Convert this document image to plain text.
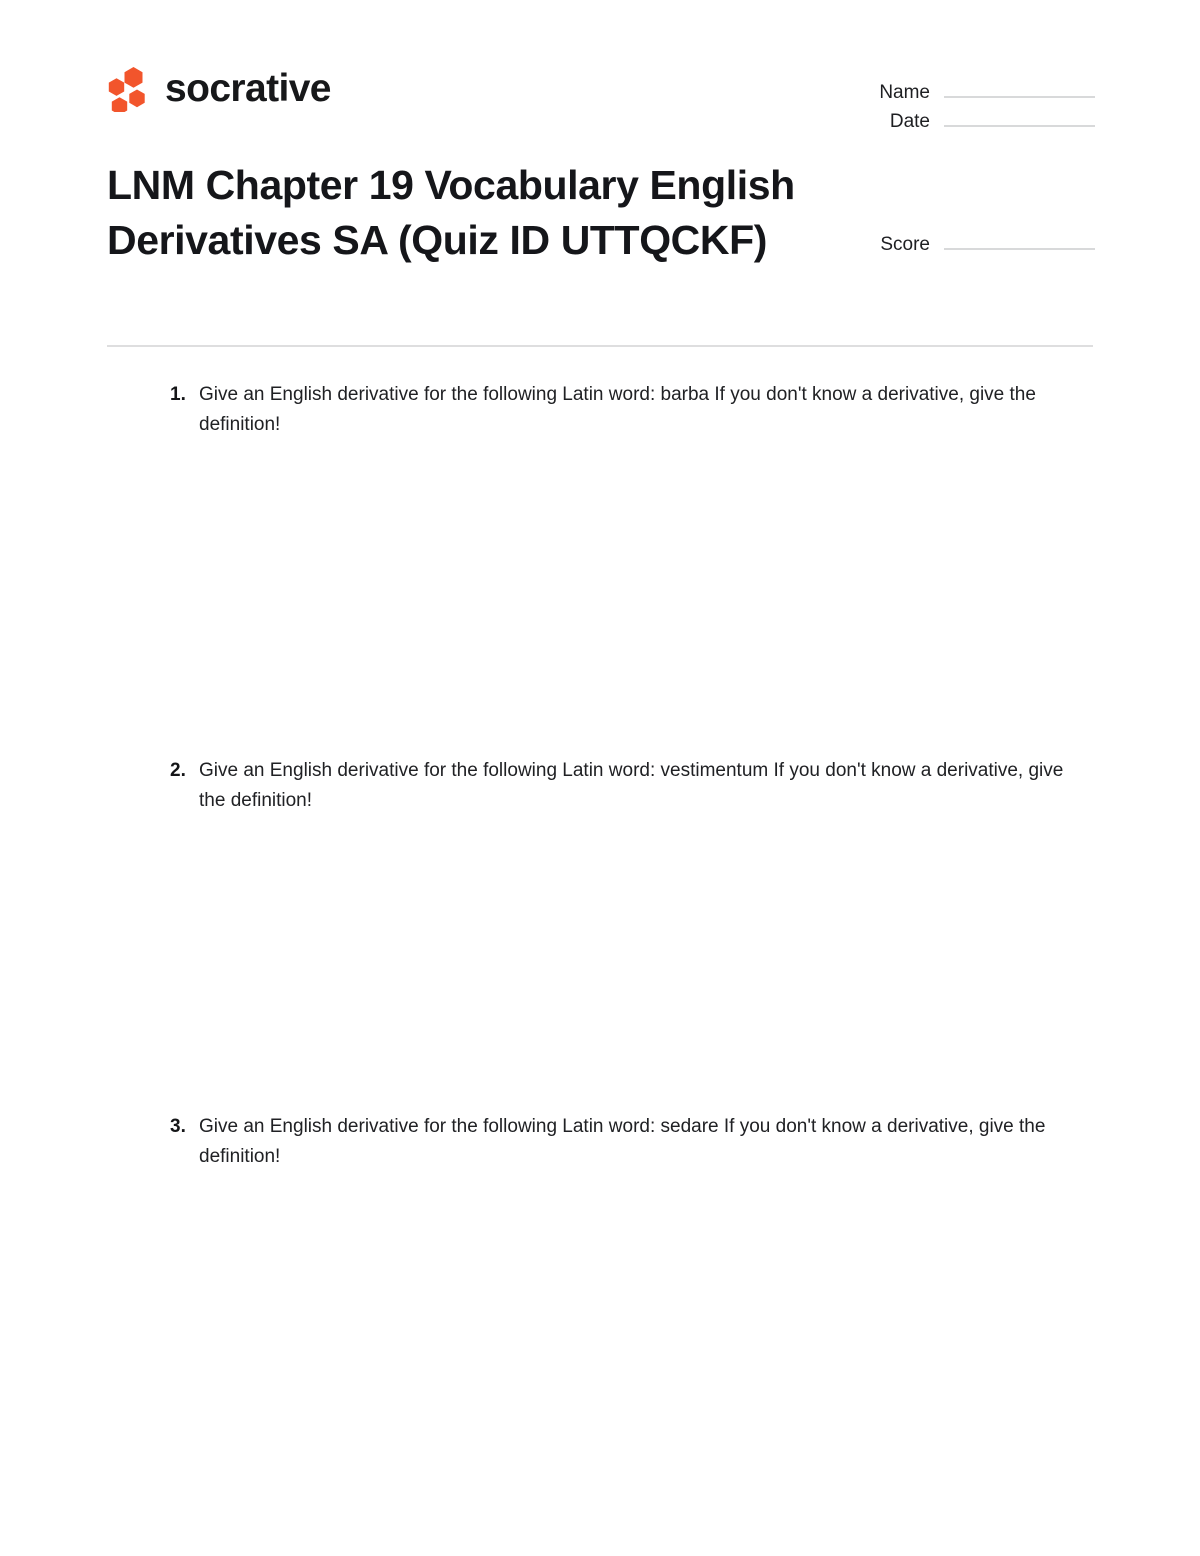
socrative	Name
Date
Score
LNM Chapter 19 Vocabulary English Derivatives SA (Quiz ID UTTQCKF)
1. Give an English derivative for the following Latin word: barba If you don't know a derivative, give the definition!

2. Give an English derivative for the following Latin word: vestimentum If you don't know a derivative, give the definition!

3. Give an English derivative for the following Latin word: sedare If you don't know a derivative, give the definition!
